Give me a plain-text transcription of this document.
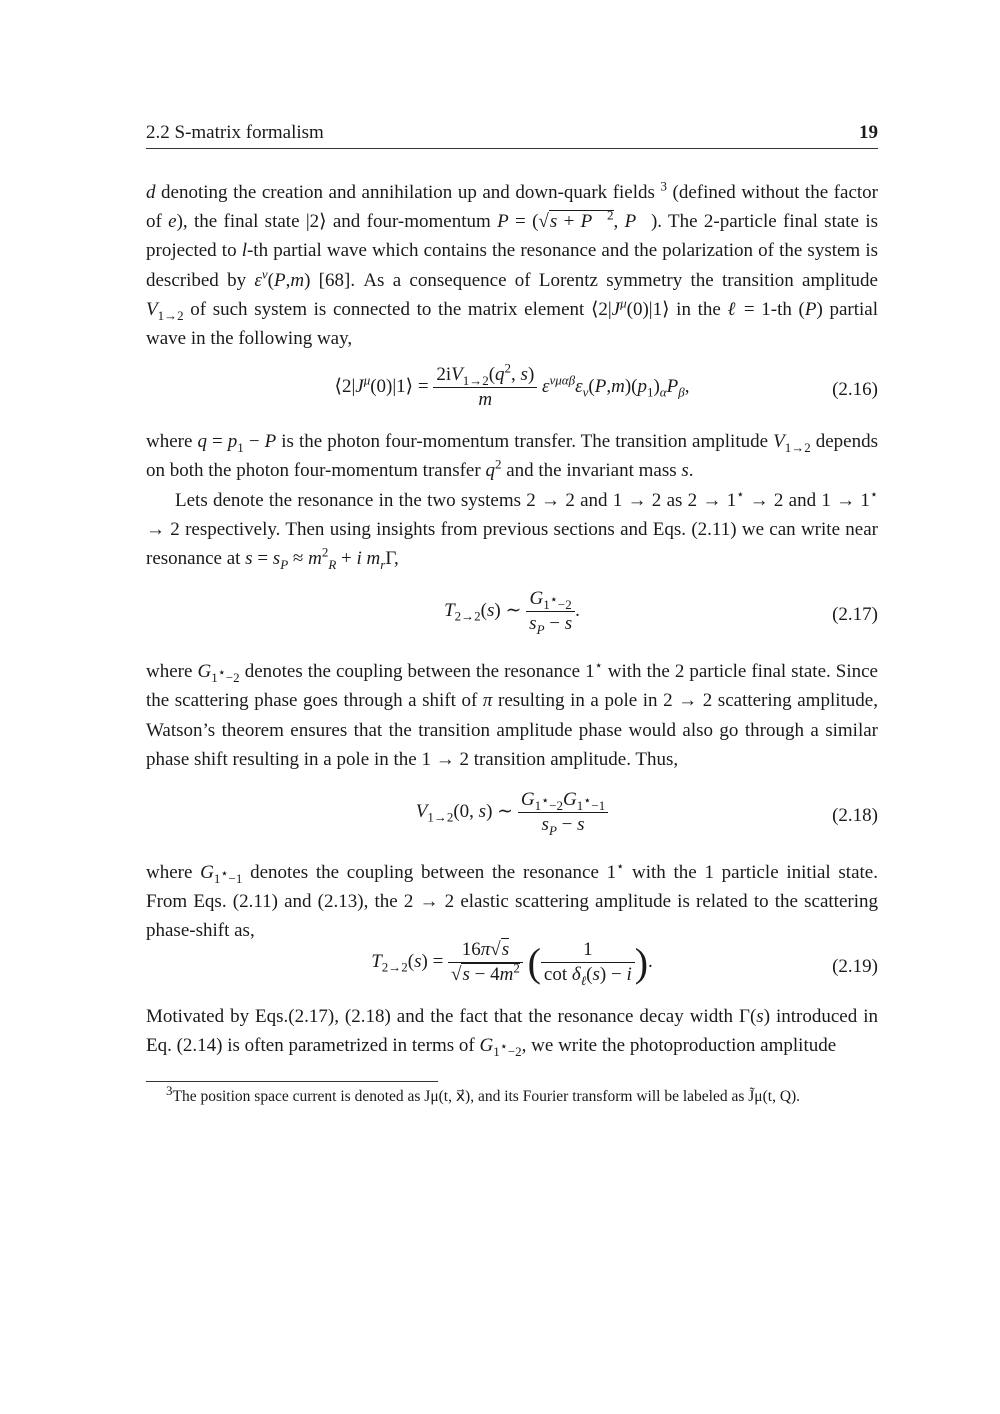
2.2 S-matrix formalism	19

d denoting the creation and annihilation up and down-quark fields $^3$ (defined without the factor of e), the final state |2⟩ and four-momentum P = (√s + P⃗$^2$, P⃗). The 2-particle final state is projected to l-th partial wave which contains the resonance and the polarization of the system is described by $\varepsilon^\nu(P,m)$ [68]. As a consequence of Lorentz symmetry the transition amplitude $V_{1\to 2}$ of such system is connected to the matrix element $⟨2|J^\mu(0)|1⟩$ in the ℓ = 1-th (P) partial wave in the following way,

$⟨2|J^\mu(0)|1⟩ = \frac{2iV_{1\to 2}(q^2, s)}{m} \varepsilon^{\nu\mu\alpha\beta}\varepsilon_\nu(P,m)(p_1)_\alpha P_\beta$,	(2.16)

where $q = p_1 - P$ is the photon four-momentum transfer. The transition amplitude $V_{1\to 2}$ depends on both the photon four-momentum transfer $q^2$ and the invariant mass s.

Lets denote the resonance in the two systems 2 → 2 and 1 → 2 as 2 → 1⋆ → 2 and 1 → 1⋆ → 2 respectively. Then using insights from previous sections and Eqs. (2.11) we can write near resonance at $s = s_P \approx m^2_R + i$ $m_r\Gamma$,

$T_{2\to 2}(s)$ ∼ $\frac{G_{1^⋆-2}}{s_P - s}$ .	(2.17)

where $G_{1^⋆-2}$ denotes the coupling between the resonance 1⋆ with the 2 particle final state. Since the scattering phase goes through a shift of π resulting in a pole in 2 → 2 scattering amplitude, Watson’s theorem ensures that the transition amplitude phase would also go through a similar phase shift resulting in a pole in the 1 → 2 transition amplitude. Thus,

$V_{1\to 2}(0$, s) ∼ $\frac{G_{1^⋆-2}G_{1^⋆-1}}{s_P - s}$	(2.18)

where $G_{1^⋆-1}$ denotes the coupling between the resonance 1⋆ with the 1 particle initial state. From Eqs. (2.11) and (2.13), the 2 → 2 elastic scattering amplitude is related to the scattering phase-shift as,

$T_{2\to 2}(s) = \frac{16\pi√s}{√s - 4m^2}$ ( $\frac{1}{\cot \delta_\ell(s) - i}$ ).	(2.19)

Motivated by Eqs.(2.17), (2.18) and the fact that the resonance decay width Γ(s) introduced in Eq. (2.14) is often parametrized in terms of $G_{1^⋆-2}$, we write the photoproduction amplitude

$^3$The position space current is denoted as Jμ(t, x⃗), and its Fourier transform will be labeled as J̃μ(t, Q).
